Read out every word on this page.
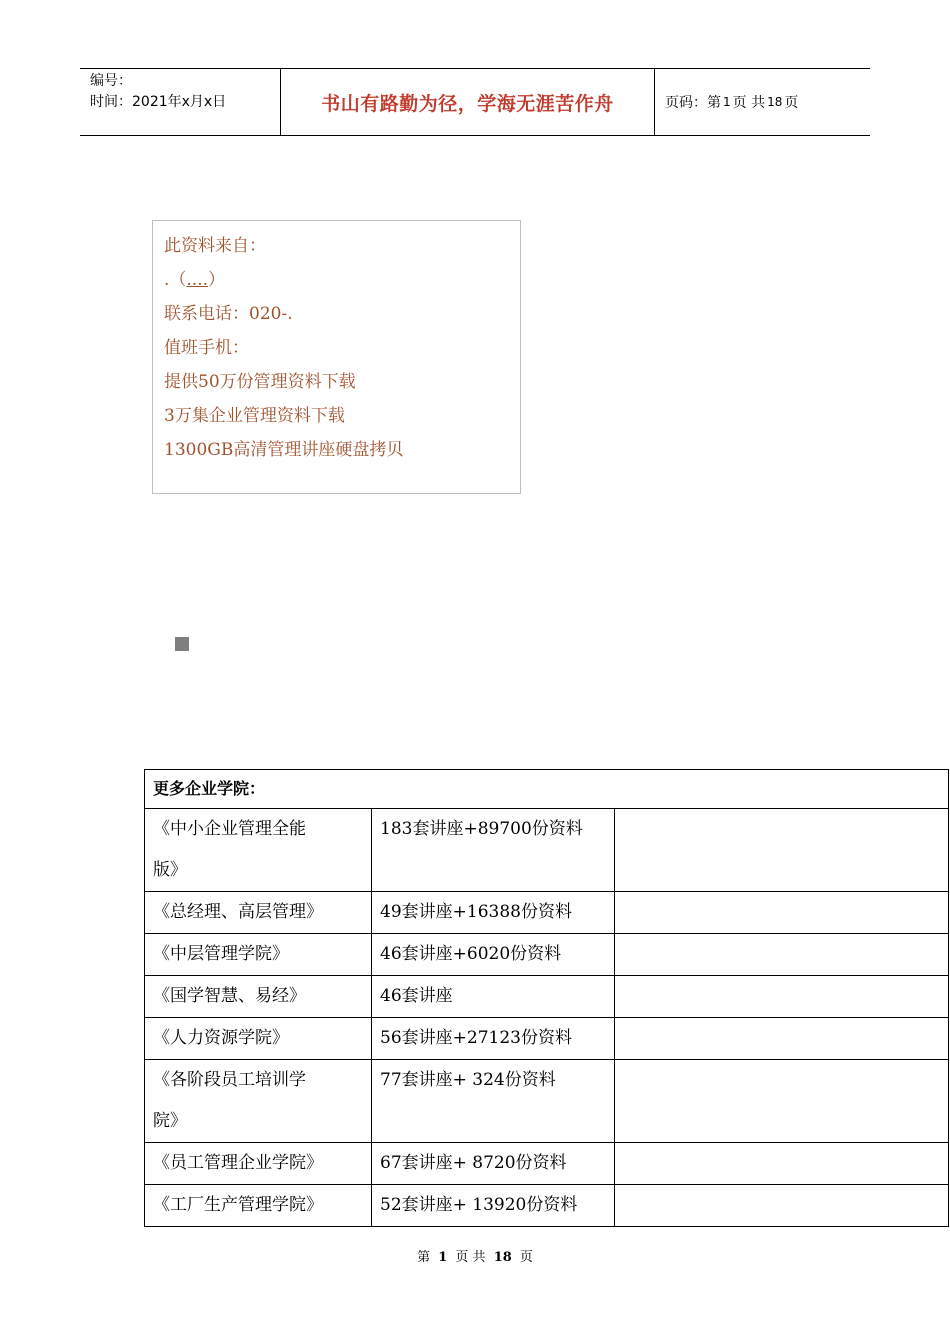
编号：
时间：2021年x月x日	书山有路勤为径，学海无涯苦作舟	页码：第 1 页 共 18 页
此资料来自：
.（....）
联系电话：020-.
值班手机：
提供50万份管理资料下载
3万集企业管理资料下载
1300GB高清管理讲座硬盘拷贝
更多企业学院：		

《中小企业管理全能
版》	183套讲座+89700份资料	

《总经理、高层管理》	49套讲座+16388份资料	

《中层管理学院》	46套讲座+6020份资料	

《国学智慧、易经》	46套讲座	

《人力资源学院》	56套讲座+27123份资料	

《各阶段员工培训学
院》	77套讲座+ 324份资料	

《员工管理企业学院》	67套讲座+ 8720份资料	

《工厂生产管理学院》	52套讲座+ 13920份资料	
第 1 页 共 18 页
